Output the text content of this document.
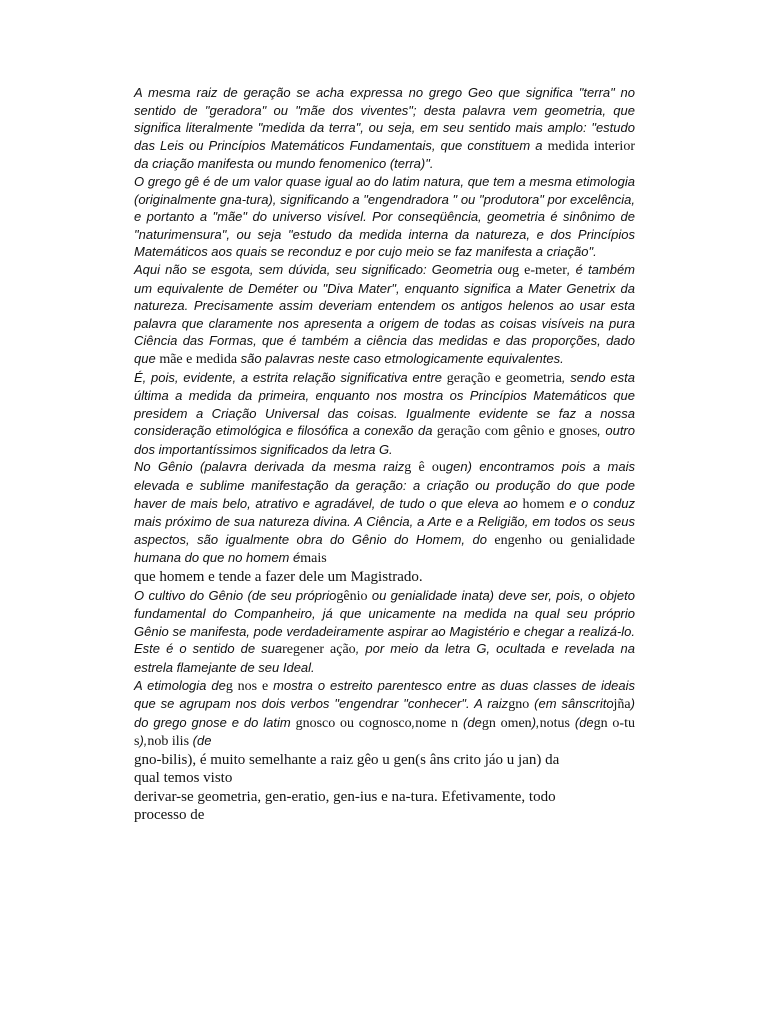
A mesma raiz de geração se acha expressa no grego Geo que significa "terra" no sentido de "geradora" ou "mãe dos viventes"; desta palavra vem geometria, que significa literalmente "medida da terra", ou seja, em seu sentido mais amplo: "estudo das Leis ou Princípios Matemáticos Fundamentais, que constituem a medida interior da criação manifesta ou mundo fenomenico (terra)".

O grego gê é de um valor quase igual ao do latim natura, que tem a mesma etimologia (originalmente gna-tura), significando a "engendradora " ou "produtora" por excelência, e portanto a "mãe" do universo visível. Por conseqüência, geometria é sinônimo de "naturimensura", ou seja "estudo da medida interna da natureza, e dos Princípios Matemáticos aos quais se reconduz e por cujo meio se faz manifesta a criação".

Aqui não se esgota, sem dúvida, seu significado: Geometria oug e-meter, é também um equivalente de Deméter ou "Diva Mater", enquanto significa a Mater Genetrix da natureza. Precisamente assim deveriam entendem os antigos helenos ao usar esta palavra que claramente nos apresenta a origem de todas as coisas visíveis na pura Ciência das Formas, que é também a ciência das medidas e das proporções, dado que mãe e medida são palavras neste caso etmologicamente equivalentes.

É, pois, evidente, a estrita relação significativa entre geração e geometria, sendo esta última a medida da primeira, enquanto nos mostra os Princípios Matemáticos que presidem a Criação Universal das coisas. Igualmente evidente se faz a nossa consideração etimológica e filosófica a conexão da geração com gênio e gnoses, outro dos importantíssimos significados da letra G.

No Gênio (palavra derivada da mesma raizg ê ougen) encontramos pois a mais elevada e sublime manifestação da geração: a criação ou produção do que pode haver de mais belo, atrativo e agradável, de tudo o que eleva ao homem e o conduz mais próximo de sua natureza divina. A Ciência, a Arte e a Religião, em todos os seus aspectos, são igualmente obra do Gênio do Homem, do engenho ou genialidade humana do que no homem émais

que homem e tende a fazer dele um Magistrado.

O cultivo do Gênio (de seu própriogênio ou genialidade inata) deve ser, pois, o objeto fundamental do Companheiro, já que unicamente na medida na qual seu próprio Gênio se manifesta, pode verdadeiramente aspirar ao Magistério e chegar a realizá-lo. Este é o sentido de suaregener ação, por meio da letra G, ocultada e revelada na estrela flamejante de seu Ideal.

A etimologia deg nos e mostra o estreito parentesco entre as duas classes de ideais que se agrupam nos dois verbos "engendrar "conhecer". A raizgno (em sânscritojña) do grego gnose e do latim gnosco ou cognosco,nome n (degn omen),notus (degn o-tu s),nob ilis (de

gno-bilis), é muito semelhante a raiz gêo u gen(s âns crito jáo u jan) da

qual temos visto

derivar-se geometria, gen-eratio, gen-ius e na-tura. Efetivamente, todo

processo de
